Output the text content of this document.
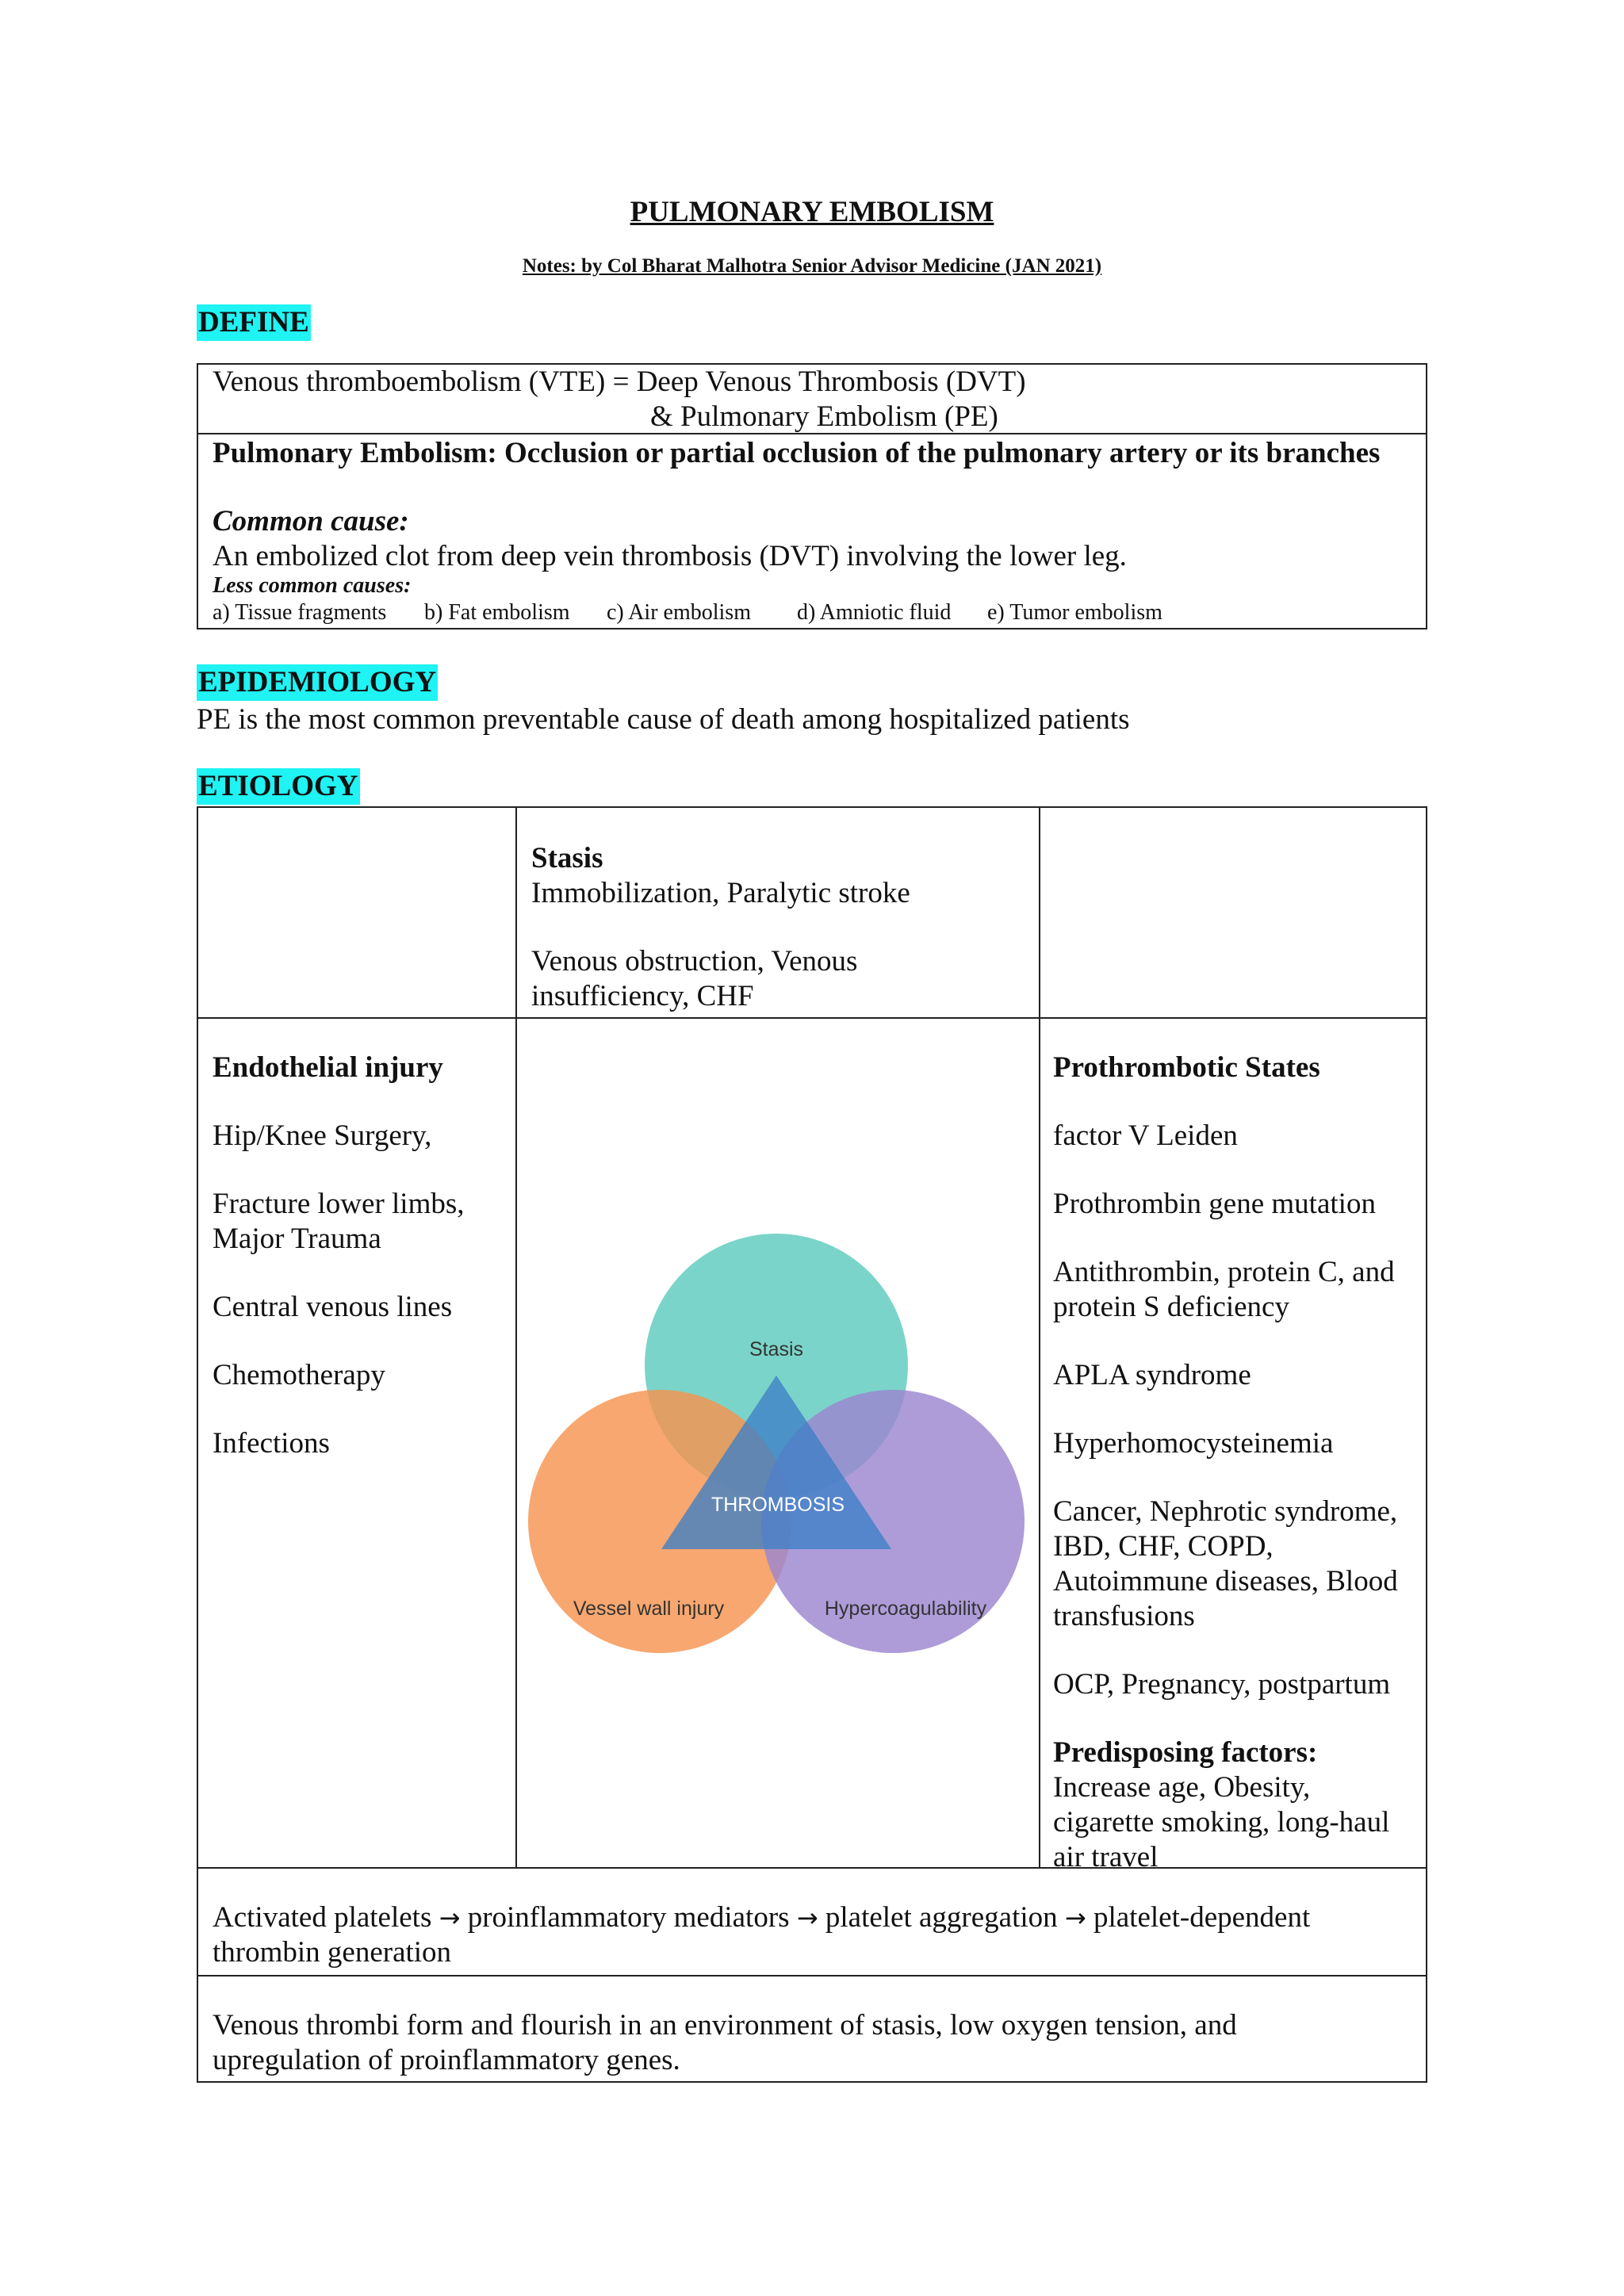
PULMONARY EMBOLISM
Notes: by Col Bharat Malhotra Senior Advisor Medicine (JAN 2021)
DEFINE
Venous thromboembolism (VTE) = Deep Venous Thrombosis (DVT)
& Pulmonary Embolism (PE)
Pulmonary Embolism: Occlusion or partial occlusion of the pulmonary artery or its branches
Common cause:
An embolized clot from deep vein thrombosis (DVT) involving the lower leg.
Less common causes:
a) Tissue fragments b) Fat embolism c) Air embolism d) Amniotic fluid e) Tumor embolism
EPIDEMIOLOGY
PE is the most common preventable cause of death among hospitalized patients
ETIOLOGY
Stasis
Immobilization, Paralytic stroke
Venous obstruction, Venous
insufficiency, CHF
Endothelial injury
Hip/Knee Surgery,
Fracture lower limbs,
Major Trauma
Central venous lines
Chemotherapy
Infections
Stasis
THROMBOSIS
Vessel wall injury	Hypercoagulability
Prothrombotic States
factor V Leiden
Prothrombin gene mutation
Antithrombin, protein C, and
protein S deficiency
APLA syndrome
Hyperhomocysteinemia
Cancer, Nephrotic syndrome,
IBD, CHF, COPD,
Autoimmune diseases, Blood
transfusions
OCP, Pregnancy, postpartum
Predisposing factors:
Increase age, Obesity,
cigarette smoking, long-haul
air travel
Activated platelets → proinflammatory mediators → platelet aggregation → platelet-dependent
thrombin generation
Venous thrombi form and flourish in an environment of stasis, low oxygen tension, and
upregulation of proinflammatory genes.
